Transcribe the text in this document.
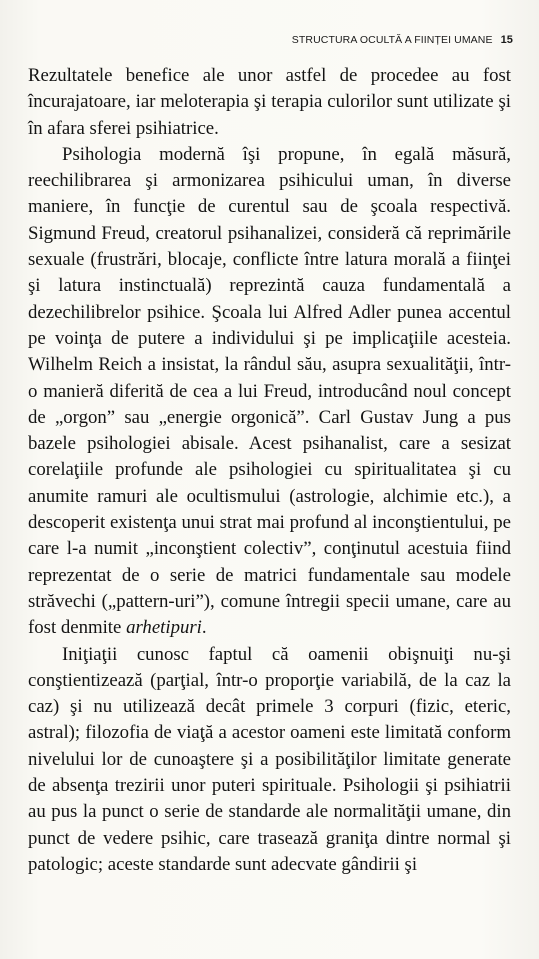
STRUCTURA OCULTĂ A FIINȚEI UMANE 15

Rezultatele benefice ale unor astfel de procedee au fost încurajatoare, iar meloterapia şi terapia culorilor sunt utilizate şi în afara sferei psihiatrice.

Psihologia modernă îşi propune, în egală măsură, reechilibrarea şi armonizarea psihicului uman, în diverse maniere, în funcţie de curentul sau de şcoala respectivă. Sigmund Freud, creatorul psihanalizei, consideră că reprimările sexuale (frustrări, blocaje, conflicte între latura morală a fiinţei şi latura instinctuală) reprezintă cauza fundamentală a dezechilibrelor psihice. Şcoala lui Alfred Adler punea accentul pe voinţa de putere a individului şi pe implicaţiile acesteia. Wilhelm Reich a insistat, la rândul său, asupra sexualităţii, într-o manieră diferită de cea a lui Freud, introducând noul concept de „orgon” sau „energie orgonică”. Carl Gustav Jung a pus bazele psihologiei abisale. Acest psihanalist, care a sesizat corelaţiile profunde ale psihologiei cu spiritualitatea şi cu anumite ramuri ale ocultismului (astrologie, alchimie etc.), a descoperit existenţa unui strat mai profund al inconştientului, pe care l-a numit „inconştient colectiv”, conţinutul acestuia fiind reprezentat de o serie de matrici fundamentale sau modele străvechi („pattern-uri”), comune întregii specii umane, care au fost denmite arhetipuri.

Iniţiaţii cunosc faptul că oamenii obişnuiţi nu-şi conştientizează (parţial, într-o proporţie variabilă, de la caz la caz) şi nu utilizează decât primele 3 corpuri (fizic, eteric, astral); filozofia de viaţă a acestor oameni este limitată conform nivelului lor de cunoaştere şi a posibilităţilor limitate generate de absenţa trezirii unor puteri spirituale. Psihologii şi psihiatrii au pus la punct o serie de standarde ale normalităţii umane, din punct de vedere psihic, care trasează graniţa dintre normal şi patologic; aceste standarde sunt adecvate gândirii şi
